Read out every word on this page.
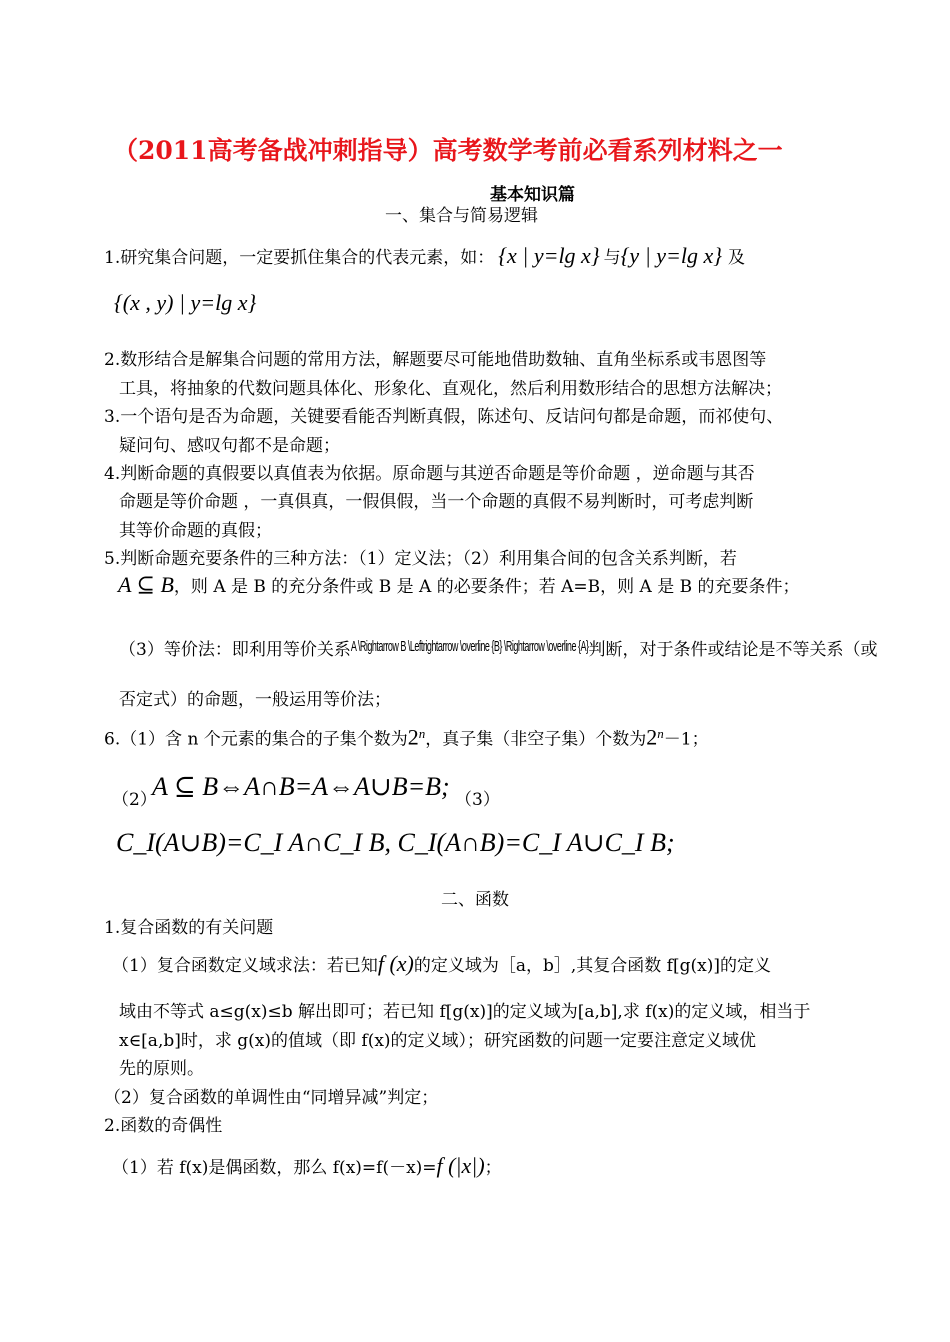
（2011高考备战冲刺指导）高考数学考前必看系列材料之一
基本知识篇
一、集合与简易逻辑
1.研究集合问题，一定要抓住集合的代表元素，如： {x | y=lg x} 与{y | y=lg x} 及
{(x , y) | y=lg x}
2.数形结合是解集合问题的常用方法，解题要尽可能地借助数轴、直角坐标系或韦恩图等
工具，将抽象的代数问题具体化、形象化、直观化，然后利用数形结合的思想方法解决；
3.一个语句是否为命题，关键要看能否判断真假，陈述句、反诘问句都是命题，而祁使句、
疑问句、感叹句都不是命题；
4.判断命题的真假要以真值表为依据。原命题与其逆否命题是等价命题 ，逆命题与其否
命题是等价命题 ，一真俱真，一假俱假，当一个命题的真假不易判断时，可考虑判断
其等价命题的真假；
5.判断命题充要条件的三种方法：（1）定义法；（2）利用集合间的包含关系判断，若
A ⊆ B，则 A 是 B 的充分条件或 B 是 A 的必要条件；若 A=B，则 A 是 B 的充要条件；
（3）等价法：即利用等价关系A \Rightarrow B \Leftrightarrow \overline {B} \Rightarrow \overline {A}判断，对于条件或结论是不等关系（或
否定式）的命题，一般运用等价法；
6.（1）含 n 个元素的集合的子集个数为2$^n$，真子集（非空子集）个数为$2^n-1$；
（2）
A ⊆ B⇔A∩B=A⇔A∪B=B; （3）
C_I(A∪B)=C_I A∩C_I B, C_I(A∩B)=C_I A∪C_I B;
二、函数
1.复合函数的有关问题
（1）复合函数定义域求法：若已知f (x)的定义域为［a，b］,其复合函数 f[g(x)]的定义
域由不等式 a≤g(x)≤b 解出即可；若已知 f[g(x)]的定义域为[a,b],求 f(x)的定义域，相当于
x∈[a,b]时，求 g(x)的值域（即 f(x)的定义域）；研究函数的问题一定要注意定义域优
先的原则。
（2）复合函数的单调性由“同增异减”判定；
2.函数的奇偶性
（1）若 f(x)是偶函数，那么 f(x)=f(－x)=f (|x|)；
